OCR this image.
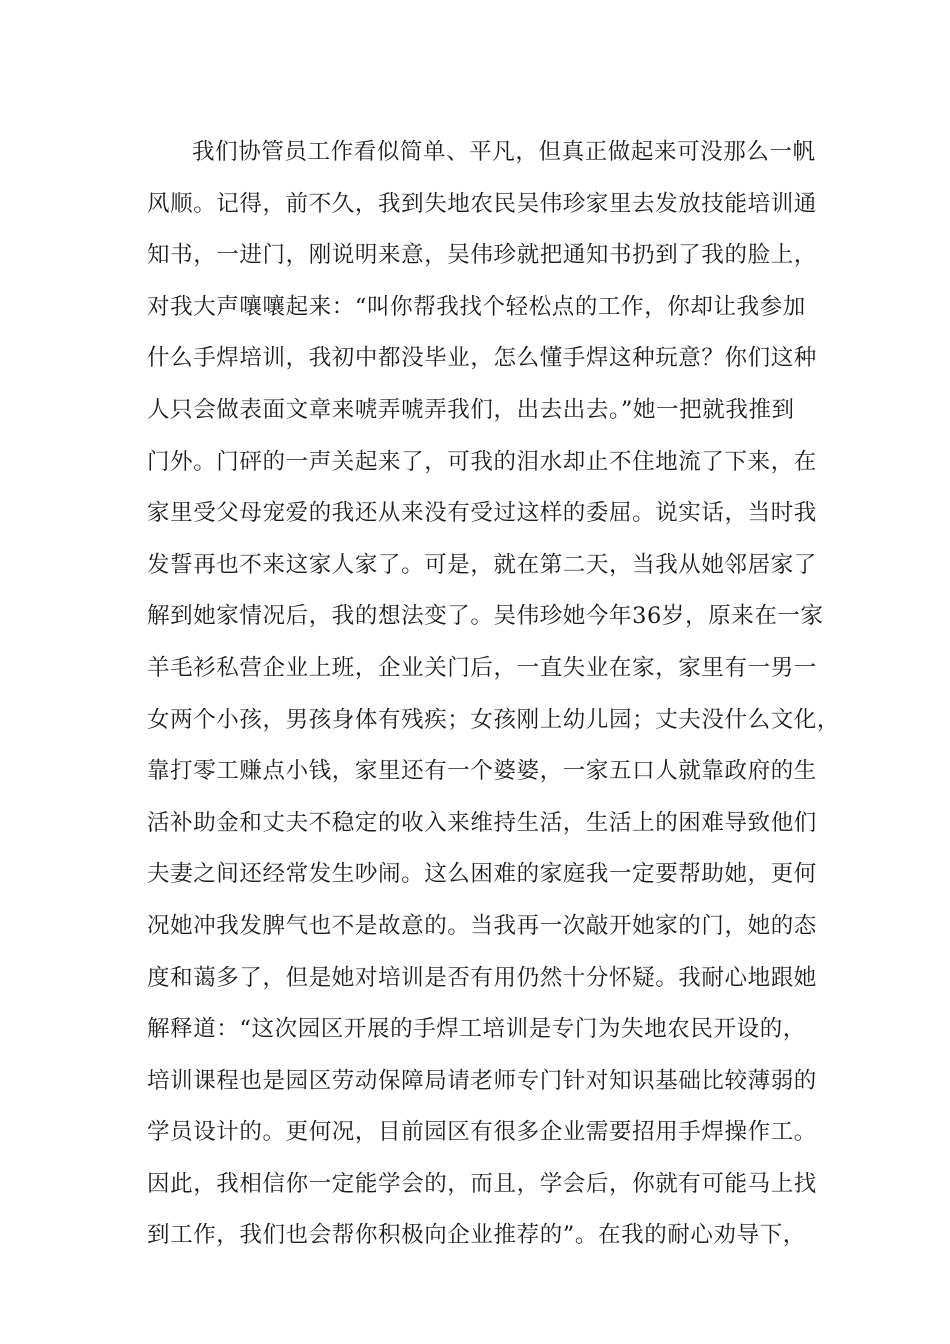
我们协管员工作看似简单、平凡，但真正做起来可没那么一帆
风顺。记得，前不久，我到失地农民吴伟珍家里去发放技能培训通
知书，一进门，刚说明来意，吴伟珍就把通知书扔到了我的脸上，
对我大声嚷嚷起来：“叫你帮我找个轻松点的工作，你却让我参加
什么手焊培训，我初中都没毕业，怎么懂手焊这种玩意？你们这种
人只会做表面文章来唬弄唬弄我们，出去出去。”她一把就我推到
门外。门砰的一声关起来了，可我的泪水却止不住地流了下来，在
家里受父母宠爱的我还从来没有受过这样的委屈。说实话，当时我
发誓再也不来这家人家了。可是，就在第二天，当我从她邻居家了
解到她家情况后，我的想法变了。吴伟珍她今年36岁，原来在一家
羊毛衫私营企业上班，企业关门后，一直失业在家，家里有一男一
女两个小孩，男孩身体有残疾；女孩刚上幼儿园；丈夫没什么文化，
靠打零工赚点小钱，家里还有一个婆婆，一家五口人就靠政府的生
活补助金和丈夫不稳定的收入来维持生活，生活上的困难导致他们
夫妻之间还经常发生吵闹。这么困难的家庭我一定要帮助她，更何
况她冲我发脾气也不是故意的。当我再一次敲开她家的门，她的态
度和蔼多了，但是她对培训是否有用仍然十分怀疑。我耐心地跟她
解释道：“这次园区开展的手焊工培训是专门为失地农民开设的，
培训课程也是园区劳动保障局请老师专门针对知识基础比较薄弱的
学员设计的。更何况，目前园区有很多企业需要招用手焊操作工。
因此，我相信你一定能学会的，而且，学会后，你就有可能马上找
到工作，我们也会帮你积极向企业推荐的”。在我的耐心劝导下，
